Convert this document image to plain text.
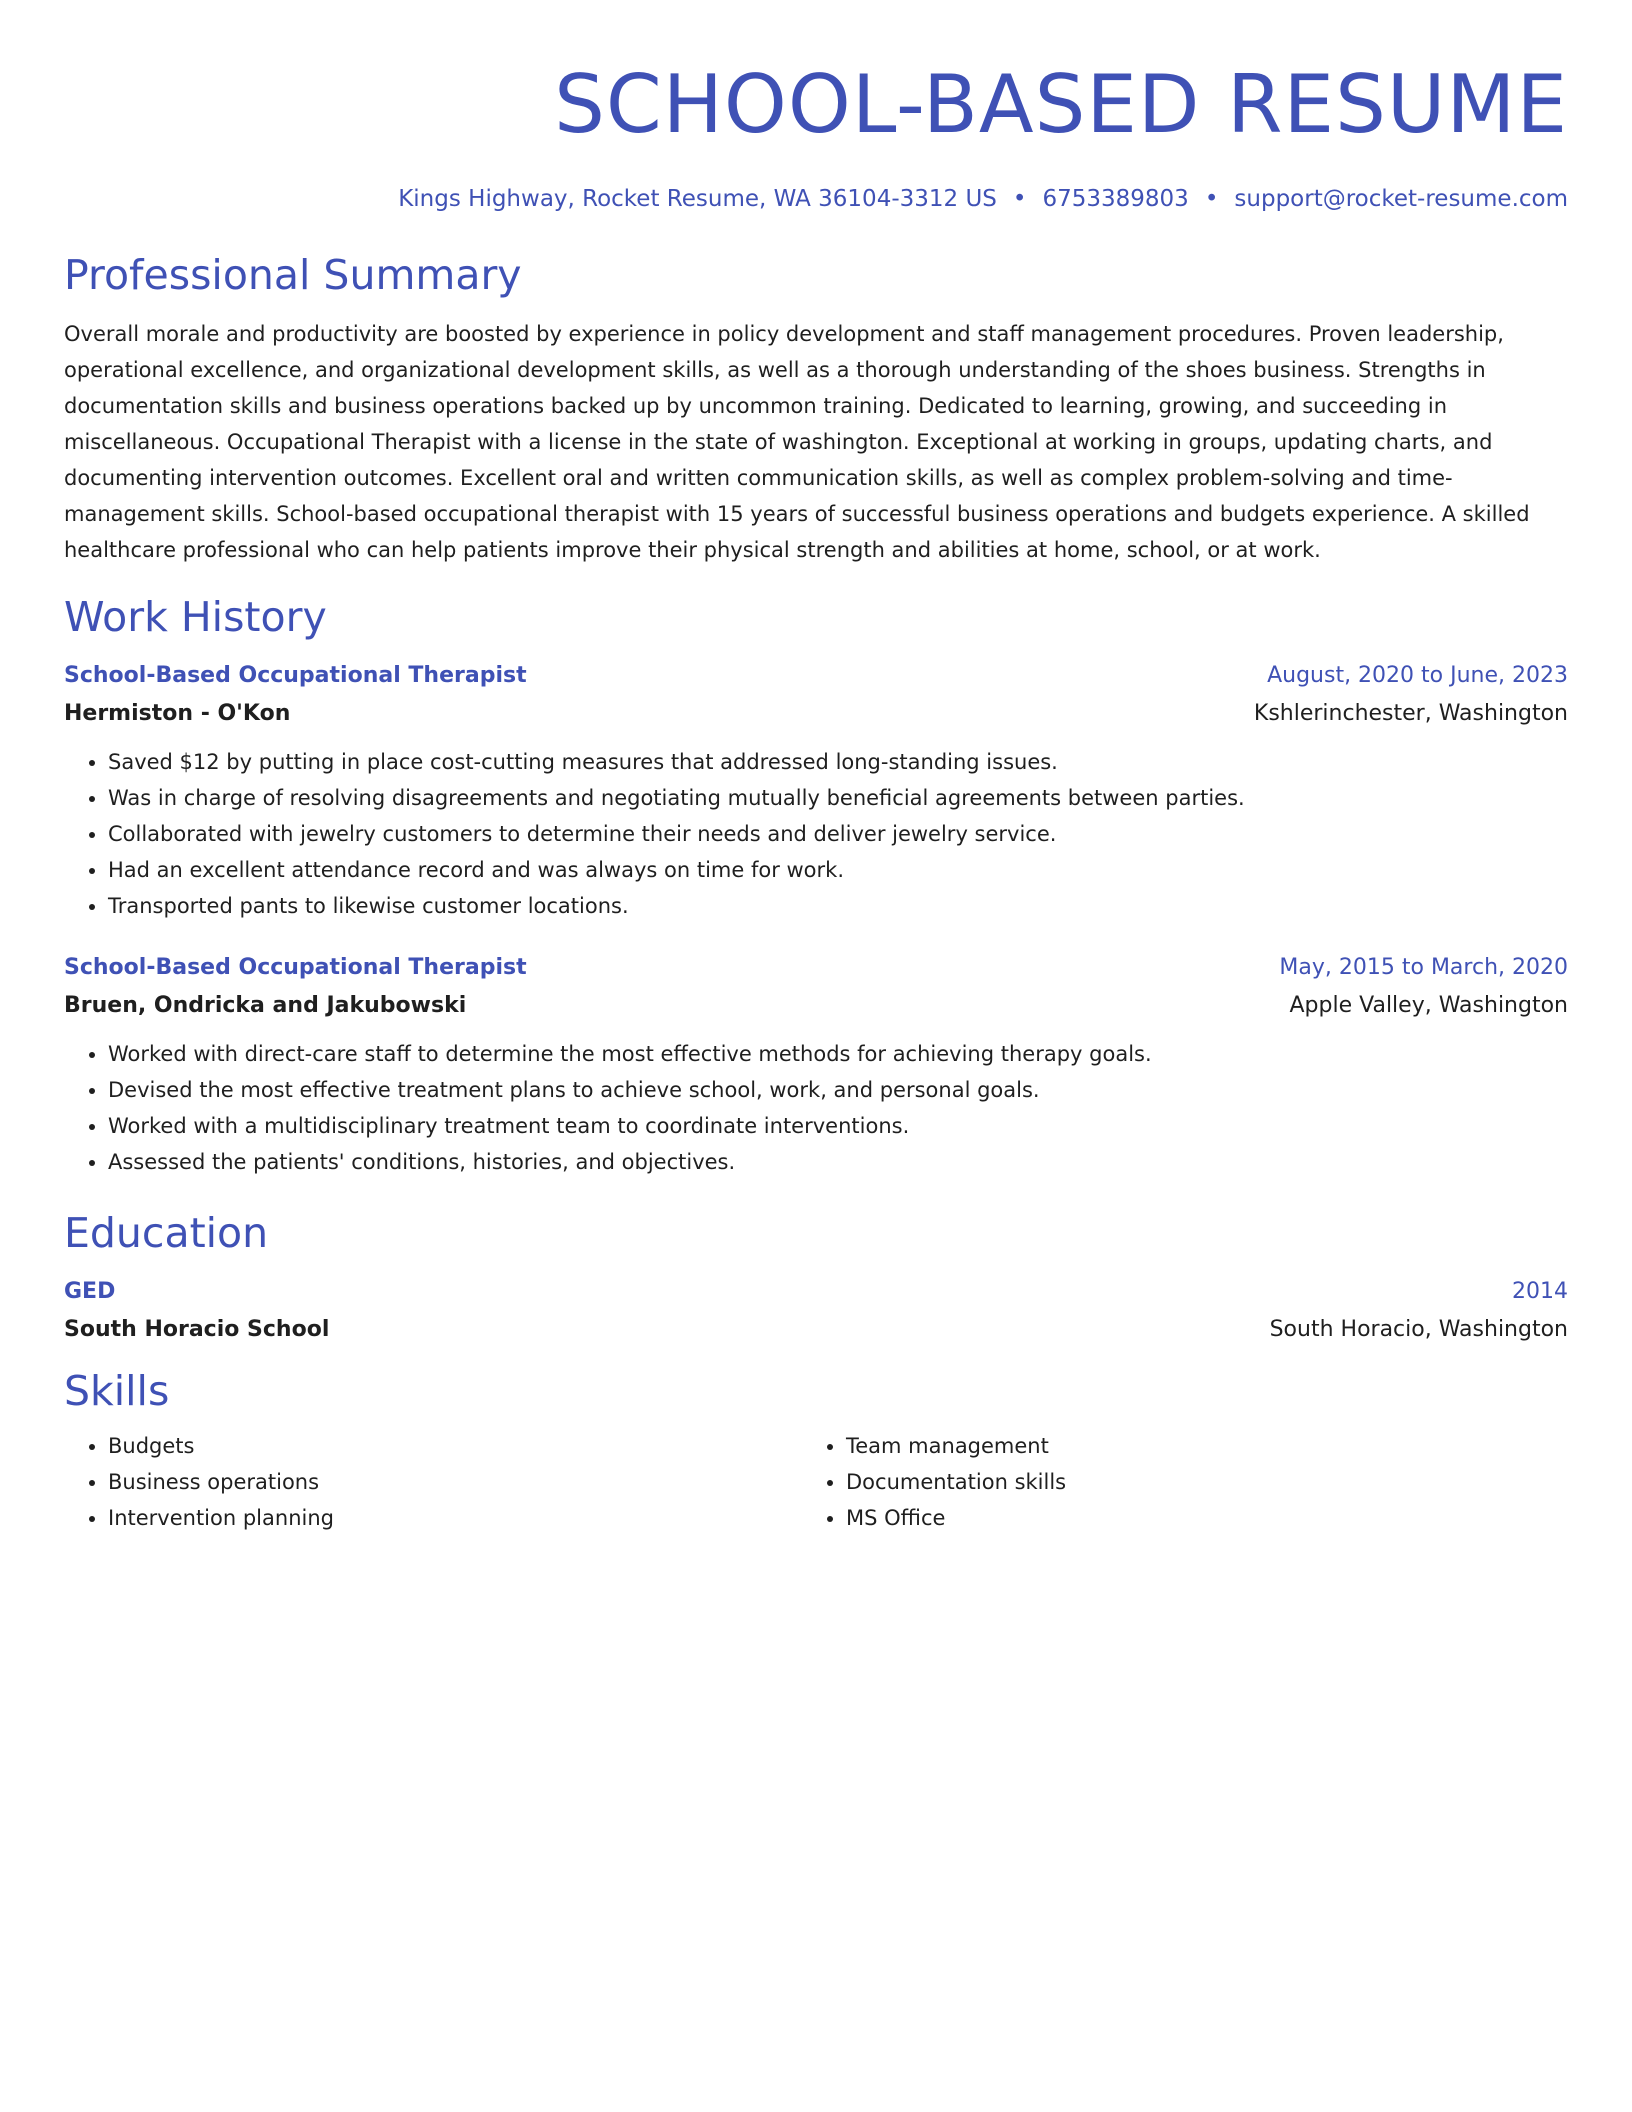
SCHOOL-BASED RESUME
Kings Highway, Rocket Resume, WA 36104-3312 US • 6753389803 • support@rocket-resume.com
Professional Summary

Overall morale and productivity are boosted by experience in policy development and staff management procedures. Proven leadership, operational excellence, and organizational development skills, as well as a thorough understanding of the shoes business. Strengths in documentation skills and business operations backed up by uncommon training. Dedicated to learning, growing, and succeeding in miscellaneous. Occupational Therapist with a license in the state of washington. Exceptional at working in groups, updating charts, and documenting intervention outcomes. Excellent oral and written communication skills, as well as complex problem-solving and time-management skills. School-based occupational therapist with 15 years of successful business operations and budgets experience. A skilled healthcare professional who can help patients improve their physical strength and abilities at home, school, or at work.

Work History
School-Based Occupational Therapist	August, 2020 to June, 2023
Hermiston - O'Kon	Kshlerinchester, Washington
• Saved $12 by putting in place cost-cutting measures that addressed long-standing issues.
• Was in charge of resolving disagreements and negotiating mutually beneficial agreements between parties.
• Collaborated with jewelry customers to determine their needs and deliver jewelry service.
• Had an excellent attendance record and was always on time for work.
• Transported pants to likewise customer locations.
School-Based Occupational Therapist	May, 2015 to March, 2020
Bruen, Ondricka and Jakubowski	Apple Valley, Washington
• Worked with direct-care staff to determine the most effective methods for achieving therapy goals.
• Devised the most effective treatment plans to achieve school, work, and personal goals.
• Worked with a multidisciplinary treatment team to coordinate interventions.
• Assessed the patients' conditions, histories, and objectives.
Education
GED	2014
South Horacio School	South Horacio, Washington
Skills
• Budgets
• Business operations
• Intervention planning
• Team management
• Documentation skills
• MS Office
